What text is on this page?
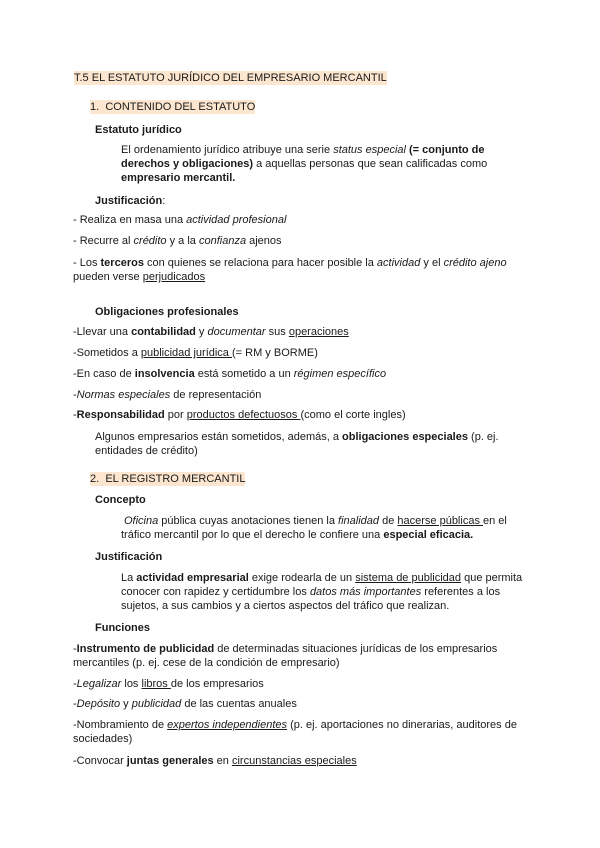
T.5 EL ESTATUTO JURÍDICO DEL EMPRESARIO MERCANTIL
1. CONTENIDO DEL ESTATUTO
Estatuto jurídico
El ordenamiento jurídico atribuye una serie status especial (= conjunto de derechos y obligaciones) a aquellas personas que sean calificadas como empresario mercantil.
Justificación:
- Realiza en masa una actividad profesional
- Recurre al crédito y a la confianza ajenos
- Los terceros con quienes se relaciona para hacer posible la actividad y el crédito ajeno pueden verse perjudicados
Obligaciones profesionales
-Llevar una contabilidad y documentar sus operaciones
-Sometidos a publicidad jurídica (= RM y BORME)
-En caso de insolvencia está sometido a un régimen específico
-Normas especiales de representación
-Responsabilidad por productos defectuosos (como el corte ingles)
Algunos empresarios están sometidos, además, a obligaciones especiales (p. ej. entidades de crédito)
2. EL REGISTRO MERCANTIL
Concepto
Oficina pública cuyas anotaciones tienen la finalidad de hacerse públicas en el tráfico mercantil por lo que el derecho le confiere una especial eficacia.
Justificación
La actividad empresarial exige rodearla de un sistema de publicidad que permita conocer con rapidez y certidumbre los datos más importantes referentes a los sujetos, a sus cambios y a ciertos aspectos del tráfico que realizan.
Funciones
-Instrumento de publicidad de determinadas situaciones jurídicas de los empresarios mercantiles (p. ej. cese de la condición de empresario)
-Legalizar los libros de los empresarios
-Depósito y publicidad de las cuentas anuales
-Nombramiento de expertos independientes (p. ej. aportaciones no dinerarias, auditores de sociedades)
-Convocar juntas generales en circunstancias especiales
